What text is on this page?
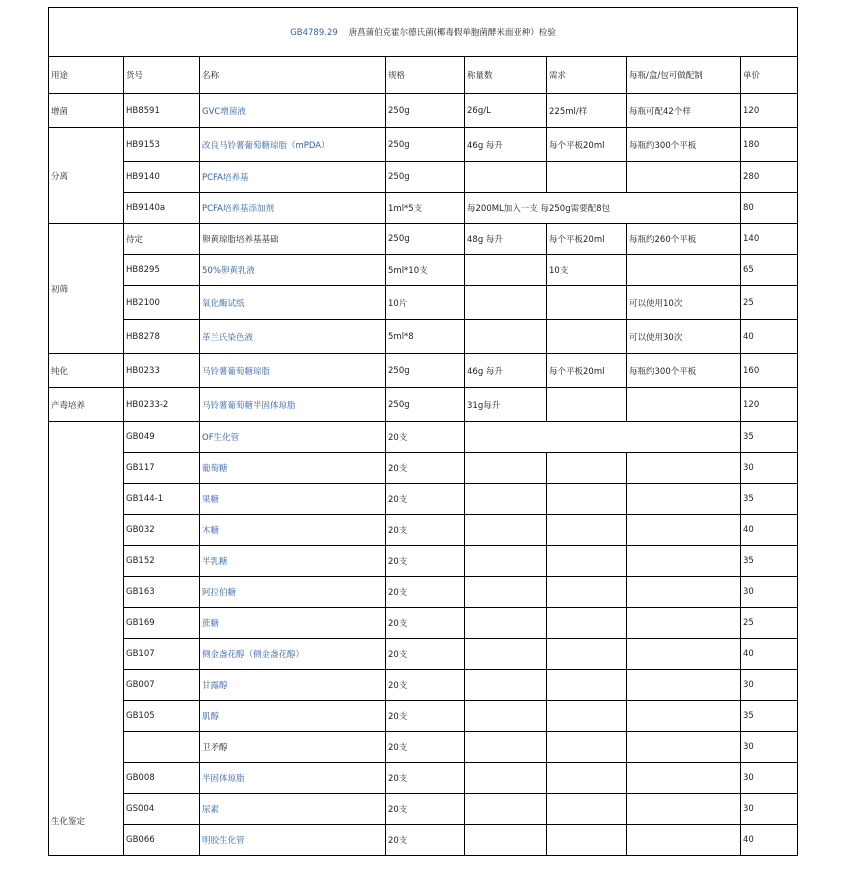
GB4789.29 唐菖蒲伯克霍尔德氏菌(椰毒假单胞菌酵米面亚种）检验							
用途	货号	名称	规格	称量数	需求	每瓶/盒/包可做配制	单价
增菌	HB8591	GVC增菌液	250g	26g/L	225ml/样	每瓶可配42个样	120
分离	HB9153	改良马铃薯葡萄糖琼脂（mPDA）	250g	46g 每升	每个平板20ml	每瓶约300个平板	180
	HB9140	PCFA培养基	250g				280
	HB9140a	PCFA培养基添加剂	1ml*5支	每200ML加入一支 每250g需要配8包			80
初筛	待定	卵黄琼脂培养基基础	250g	48g 每升	每个平板20ml	每瓶约260个平板	140
	HB8295	50%卵黄乳液	5ml*10支		10支		65
	HB2100	氧化酶试纸	10片			可以使用10次	25
	HB8278	革兰氏染色液	5ml*8			可以使用30次	40
纯化	HB0233	马铃薯葡萄糖琼脂	250g	46g 每升	每个平板20ml	每瓶约300个平板	160
产毒培养	HB0233-2	马铃薯葡萄糖半固体琼脂	250g	31g每升			120
生化鉴定	GB049	OF生化管	20支				35
	GB117	葡萄糖	20支				30
	GB144-1	果糖	20支				35
	GB032	木糖	20支				40
	GB152	半乳糖	20支				35
	GB163	阿拉伯糖	20支				30
	GB169	蔗糖	20支				25
	GB107	侧金盏花醇（侧金盏花醇）	20支				40
	GB007	甘露醇	20支				30
	GB105	肌醇	20支				35
		卫矛醇	20支				30
	GB008	半固体琼脂	20支				30
	GS004	尿素	20支				30
	GB066	明胶生化管	20支				40
